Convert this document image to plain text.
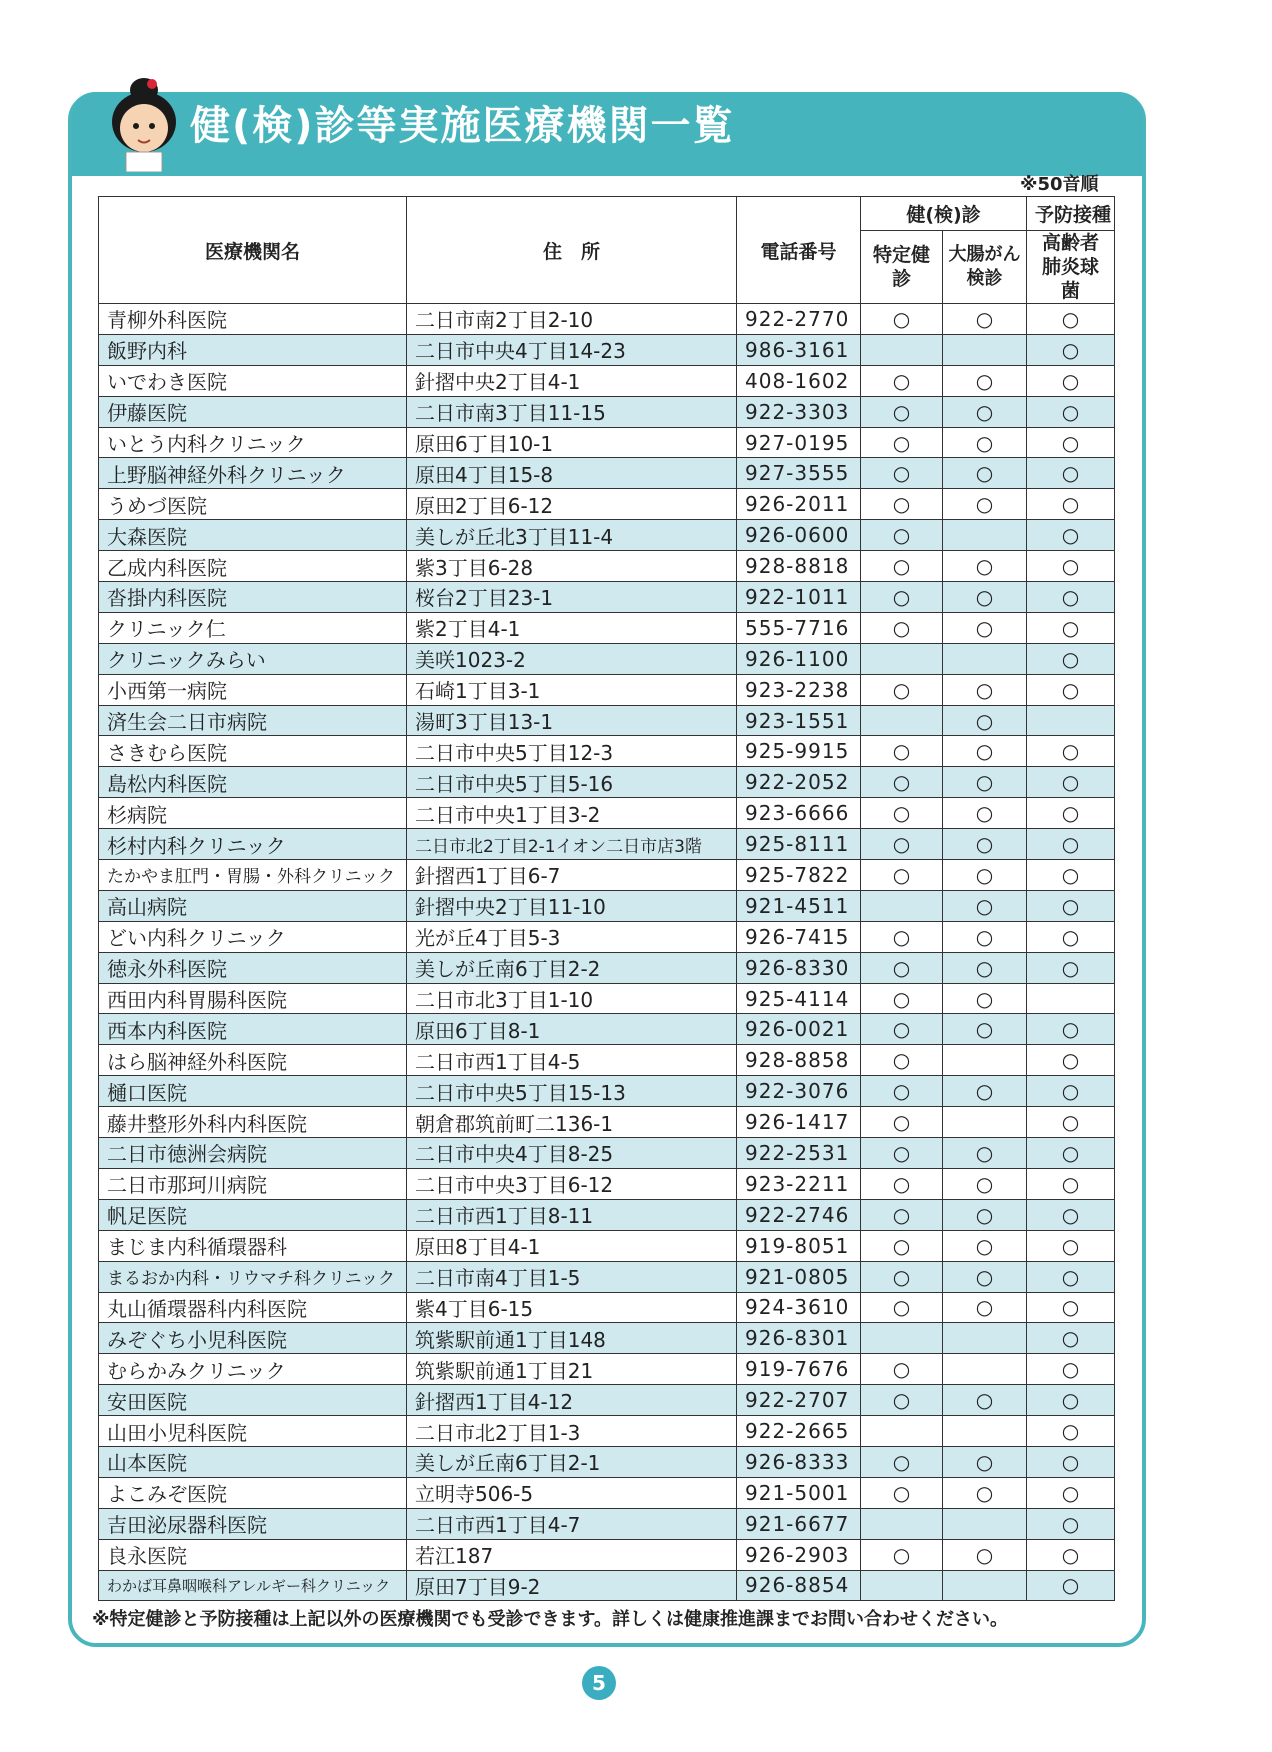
健(検)診等実施医療機関一覧
※50音順
医療機関名	住　所	電話番号	健(検)診		予防接種
			特定健診	大腸がん検診	高齢者肺炎球菌
青柳外科医院	二日市南2丁目2-10	922-2770	○	○	○
飯野内科	二日市中央4丁目14-23	986-3161			○
いでわき医院	針摺中央2丁目4-1	408-1602	○	○	○
伊藤医院	二日市南3丁目11-15	922-3303	○	○	○
いとう内科クリニック	原田6丁目10-1	927-0195	○	○	○
上野脳神経外科クリニック	原田4丁目15-8	927-3555	○	○	○
うめづ医院	原田2丁目6-12	926-2011	○	○	○
大森医院	美しが丘北3丁目11-4	926-0600	○		○
乙成内科医院	紫3丁目6-28	928-8818	○	○	○
沓掛内科医院	桜台2丁目23-1	922-1011	○	○	○
クリニック仁	紫2丁目4-1	555-7716	○	○	○
クリニックみらい	美咲1023-2	926-1100			○
小西第一病院	石崎1丁目3-1	923-2238	○	○	○
済生会二日市病院	湯町3丁目13-1	923-1551		○	
さきむら医院	二日市中央5丁目12-3	925-9915	○	○	○
島松内科医院	二日市中央5丁目5-16	922-2052	○	○	○
杉病院	二日市中央1丁目3-2	923-6666	○	○	○
杉村内科クリニック	二日市北2丁目2-1イオン二日市店3階	925-8111	○	○	○
たかやま肛門・胃腸・外科クリニック	針摺西1丁目6-7	925-7822	○	○	○
高山病院	針摺中央2丁目11-10	921-4511		○	○
どい内科クリニック	光が丘4丁目5-3	926-7415	○	○	○
徳永外科医院	美しが丘南6丁目2-2	926-8330	○	○	○
西田内科胃腸科医院	二日市北3丁目1-10	925-4114	○	○	
西本内科医院	原田6丁目8-1	926-0021	○	○	○
はら脳神経外科医院	二日市西1丁目4-5	928-8858	○		○
樋口医院	二日市中央5丁目15-13	922-3076	○	○	○
藤井整形外科内科医院	朝倉郡筑前町二136-1	926-1417	○		○
二日市徳洲会病院	二日市中央4丁目8-25	922-2531	○	○	○
二日市那珂川病院	二日市中央3丁目6-12	923-2211	○	○	○
帆足医院	二日市西1丁目8-11	922-2746	○	○	○
まじま内科循環器科	原田8丁目4-1	919-8051	○	○	○
まるおか内科・リウマチ科クリニック	二日市南4丁目1-5	921-0805	○	○	○
丸山循環器科内科医院	紫4丁目6-15	924-3610	○	○	○
みぞぐち小児科医院	筑紫駅前通1丁目148	926-8301			○
むらかみクリニック	筑紫駅前通1丁目21	919-7676	○		○
安田医院	針摺西1丁目4-12	922-2707	○	○	○
山田小児科医院	二日市北2丁目1-3	922-2665			○
山本医院	美しが丘南6丁目2-1	926-8333	○	○	○
よこみぞ医院	立明寺506-5	921-5001	○	○	○
吉田泌尿器科医院	二日市西1丁目4-7	921-6677			○
良永医院	若江187	926-2903	○	○	○
わかば耳鼻咽喉科アレルギー科クリニック	原田7丁目9-2	926-8854			○
※特定健診と予防接種は上記以外の医療機関でも受診できます。詳しくは健康推進課までお問い合わせください。
5
